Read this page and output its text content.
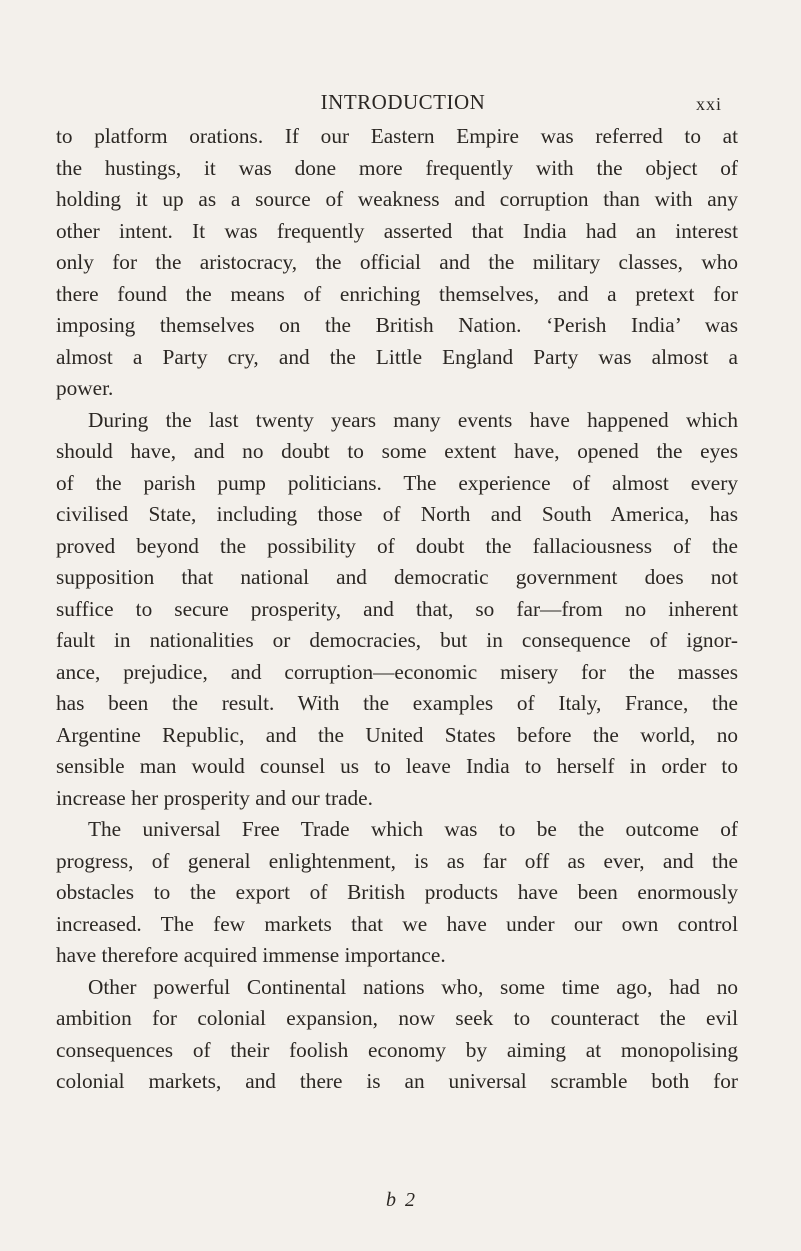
INTRODUCTION	xxi
to platform orations. If our Eastern Empire was referred to at
the hustings, it was done more frequently with the object of
holding it up as a source of weakness and corruption than with any
other intent. It was frequently asserted that India had an interest
only for the aristocracy, the official and the military classes, who
there found the means of enriching themselves, and a pretext for
imposing themselves on the British Nation. ‘Perish India’ was
almost a Party cry, and the Little England Party was almost a
power.
During the last twenty years many events have happened which
should have, and no doubt to some extent have, opened the eyes
of the parish pump politicians. The experience of almost every
civilised State, including those of North and South America, has
proved beyond the possibility of doubt the fallaciousness of the
supposition that national and democratic government does not
suffice to secure prosperity, and that, so far—from no inherent
fault in nationalities or democracies, but in consequence of ignor-
ance, prejudice, and corruption—economic misery for the masses
has been the result. With the examples of Italy, France, the
Argentine Republic, and the United States before the world, no
sensible man would counsel us to leave India to herself in order to
increase her prosperity and our trade.
The universal Free Trade which was to be the outcome of
progress, of general enlightenment, is as far off as ever, and the
obstacles to the export of British products have been enormously
increased. The few markets that we have under our own control
have therefore acquired immense importance.
Other powerful Continental nations who, some time ago, had no
ambition for colonial expansion, now seek to counteract the evil
consequences of their foolish economy by aiming at monopolising
colonial markets, and there is an universal scramble both for
b 2
